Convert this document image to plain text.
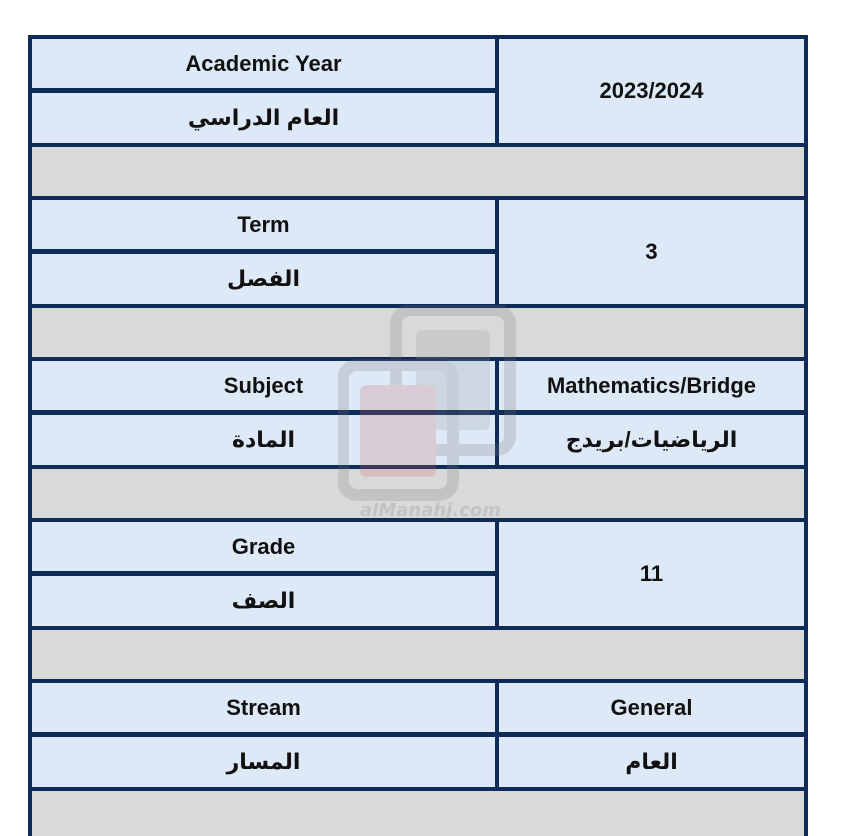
Academic Year
العام الدراسي
2023/2024
Term
الفصل
3
Subject
المادة
Mathematics/Bridge
الرياضيات/بريدج
Grade
الصف
11
Stream
المسار
General
العام
alManahj.com
